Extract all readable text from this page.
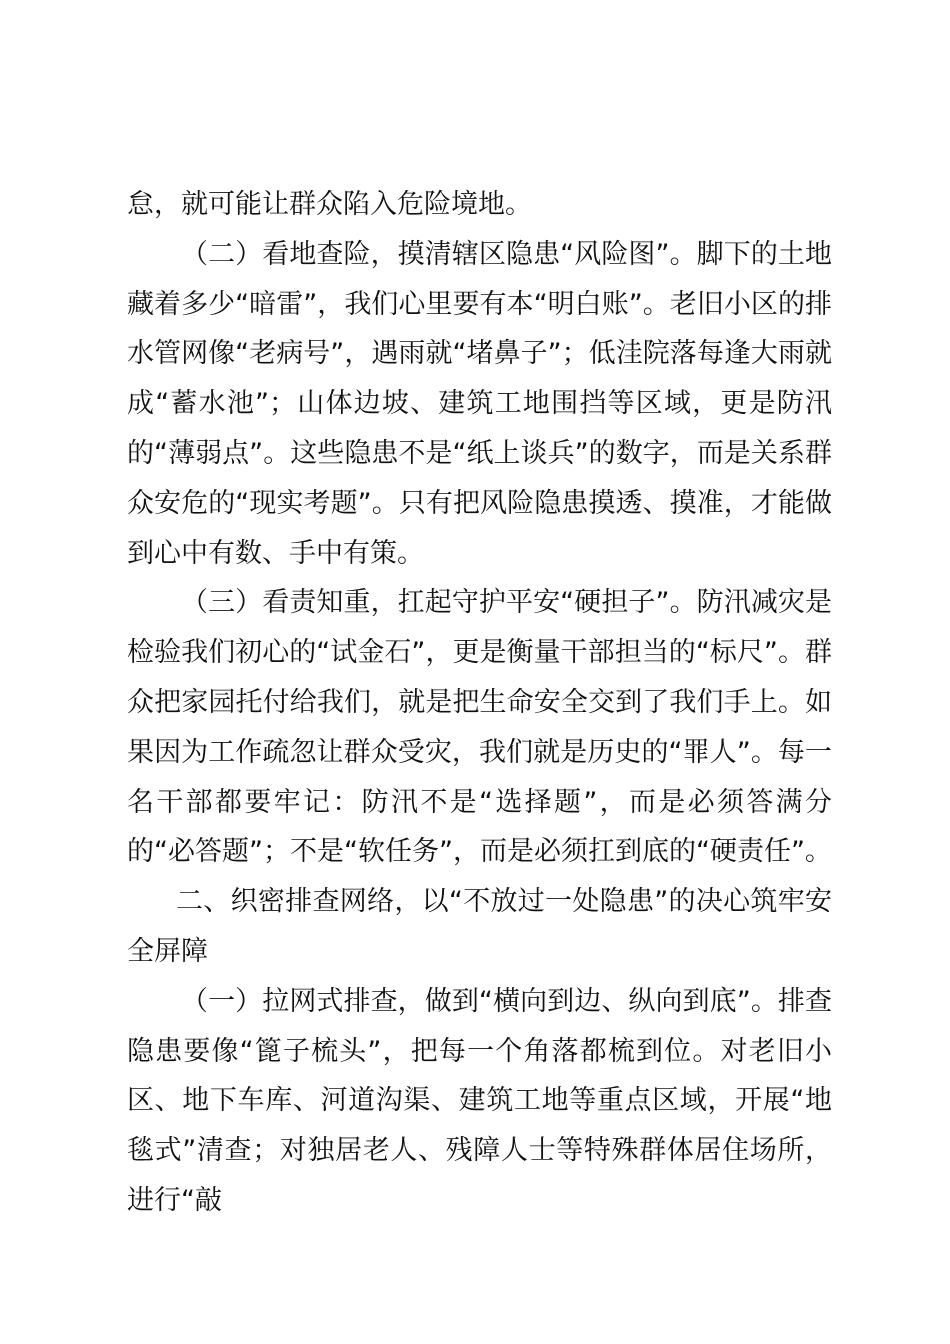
怠，就可能让群众陷入危险境地。

（二）看地查险，摸清辖区隐患“风险图”。脚下的土地藏着多少“暗雷”，我们心里要有本“明白账”。老旧小区的排水管网像“老病号”，遇雨就“堵鼻子”；低洼院落每逢大雨就成“蓄水池”；山体边坡、建筑工地围挡等区域，更是防汛的“薄弱点”。这些隐患不是“纸上谈兵”的数字，而是关系群众安危的“现实考题”。只有把风险隐患摸透、摸准，才能做到心中有数、手中有策。

（三）看责知重，扛起守护平安“硬担子”。防汛减灾是检验我们初心的“试金石”，更是衡量干部担当的“标尺”。群众把家园托付给我们，就是把生命安全交到了我们手上。如果因为工作疏忽让群众受灾，我们就是历史的“罪人”。每一名干部都要牢记：防汛不是“选择题”，而是必须答满分的“必答题”；不是“软任务”，而是必须扛到底的“硬责任”。

二、织密排查网络，以“不放过一处隐患”的决心筑牢安全屏障

（一）拉网式排查，做到“横向到边、纵向到底”。排查隐患要像“篦子梳头”，把每一个角落都梳到位。对老旧小区、地下车库、河道沟渠、建筑工地等重点区域，开展“地毯式”清查；对独居老人、残障人士等特殊群体居住场所，进行“敲
